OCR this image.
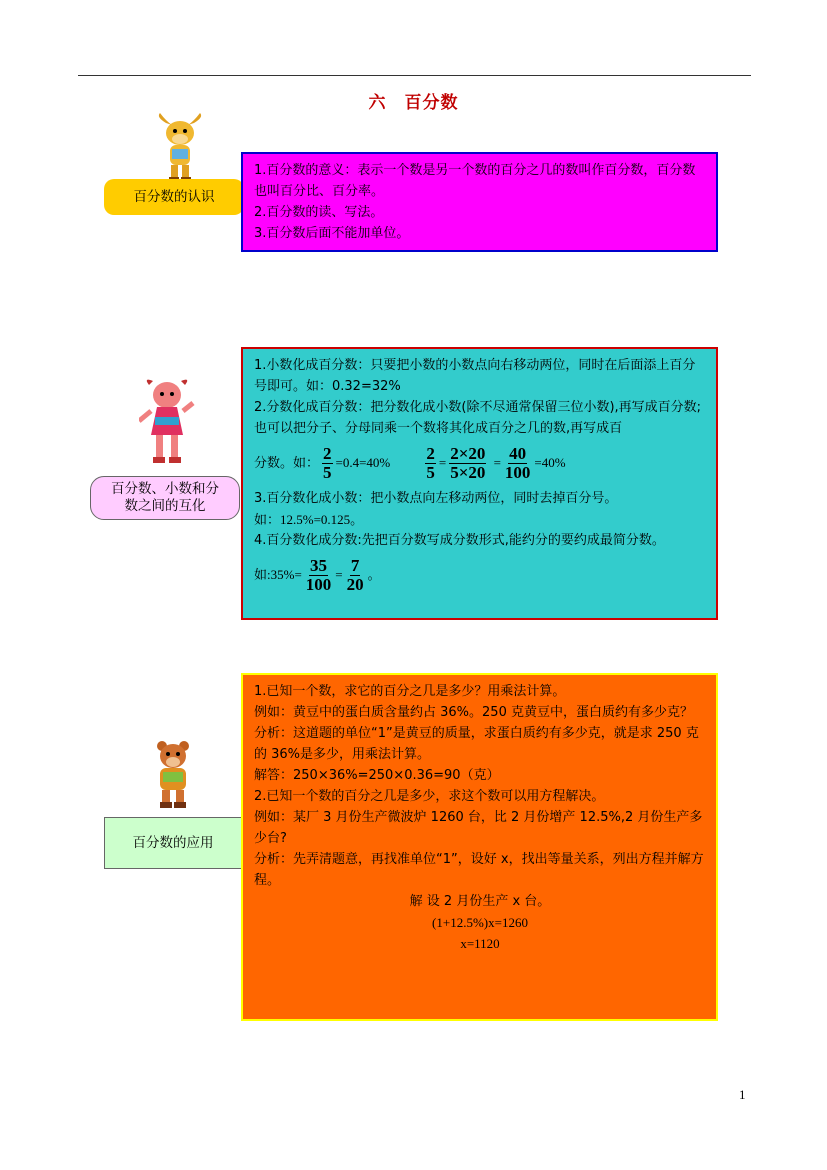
六　百分数
百分数的认识

1.百分数的意义：表示一个数是另一个数的百分之几的数叫作百分数，百分数也叫百分比、百分率。

2.百分数的读、写法。

3.百分数后面不能加单位。

百分数、小数和分数之间的互化

1.小数化成百分数：只要把小数的小数点向右移动两位，同时在后面添上百分号即可。如：0.32=32%

2.分数化成百分数：把分数化成小数(除不尽通常保留三位小数),再写成百分数;也可以把分子、分母同乘一个数将其化成百分之几的数,再写成百

分数。如： $\frac{2}{5} =0.4=40\% \frac{2}{5} = \frac{2\times 20}{5\times 20} = \frac{40}{100} =40\%$

3.百分数化成小数：把小数点向左移动两位，同时去掉百分号。

如：12.5%=0.125。

4.百分数化成分数:先把百分数写成分数形式,能约分的要约成最简分数。

如:35%= $\frac{35}{100} = \frac{7}{20}$ 。

百分数的应用

1.已知一个数，求它的百分之几是多少？用乘法计算。

例如：黄豆中的蛋白质含量约占 36%。250 克黄豆中，蛋白质约有多少克？

分析：这道题的单位“1”是黄豆的质量，求蛋白质约有多少克，就是求 250 克的 36%是多少，用乘法计算。

解答：250×36%=250×0.36=90（克）

2.已知一个数的百分之几是多少，求这个数可以用方程解决。

例如：某厂 3 月份生产微波炉 1260 台，比 2 月份增产 12.5%,2 月份生产多少台?

分析：先弄清题意，再找准单位“1”，设好 x，找出等量关系，列出方程并解方程。

解 设 2 月份生产 x 台。

(1+12.5%)x=1260

x=1120

1
